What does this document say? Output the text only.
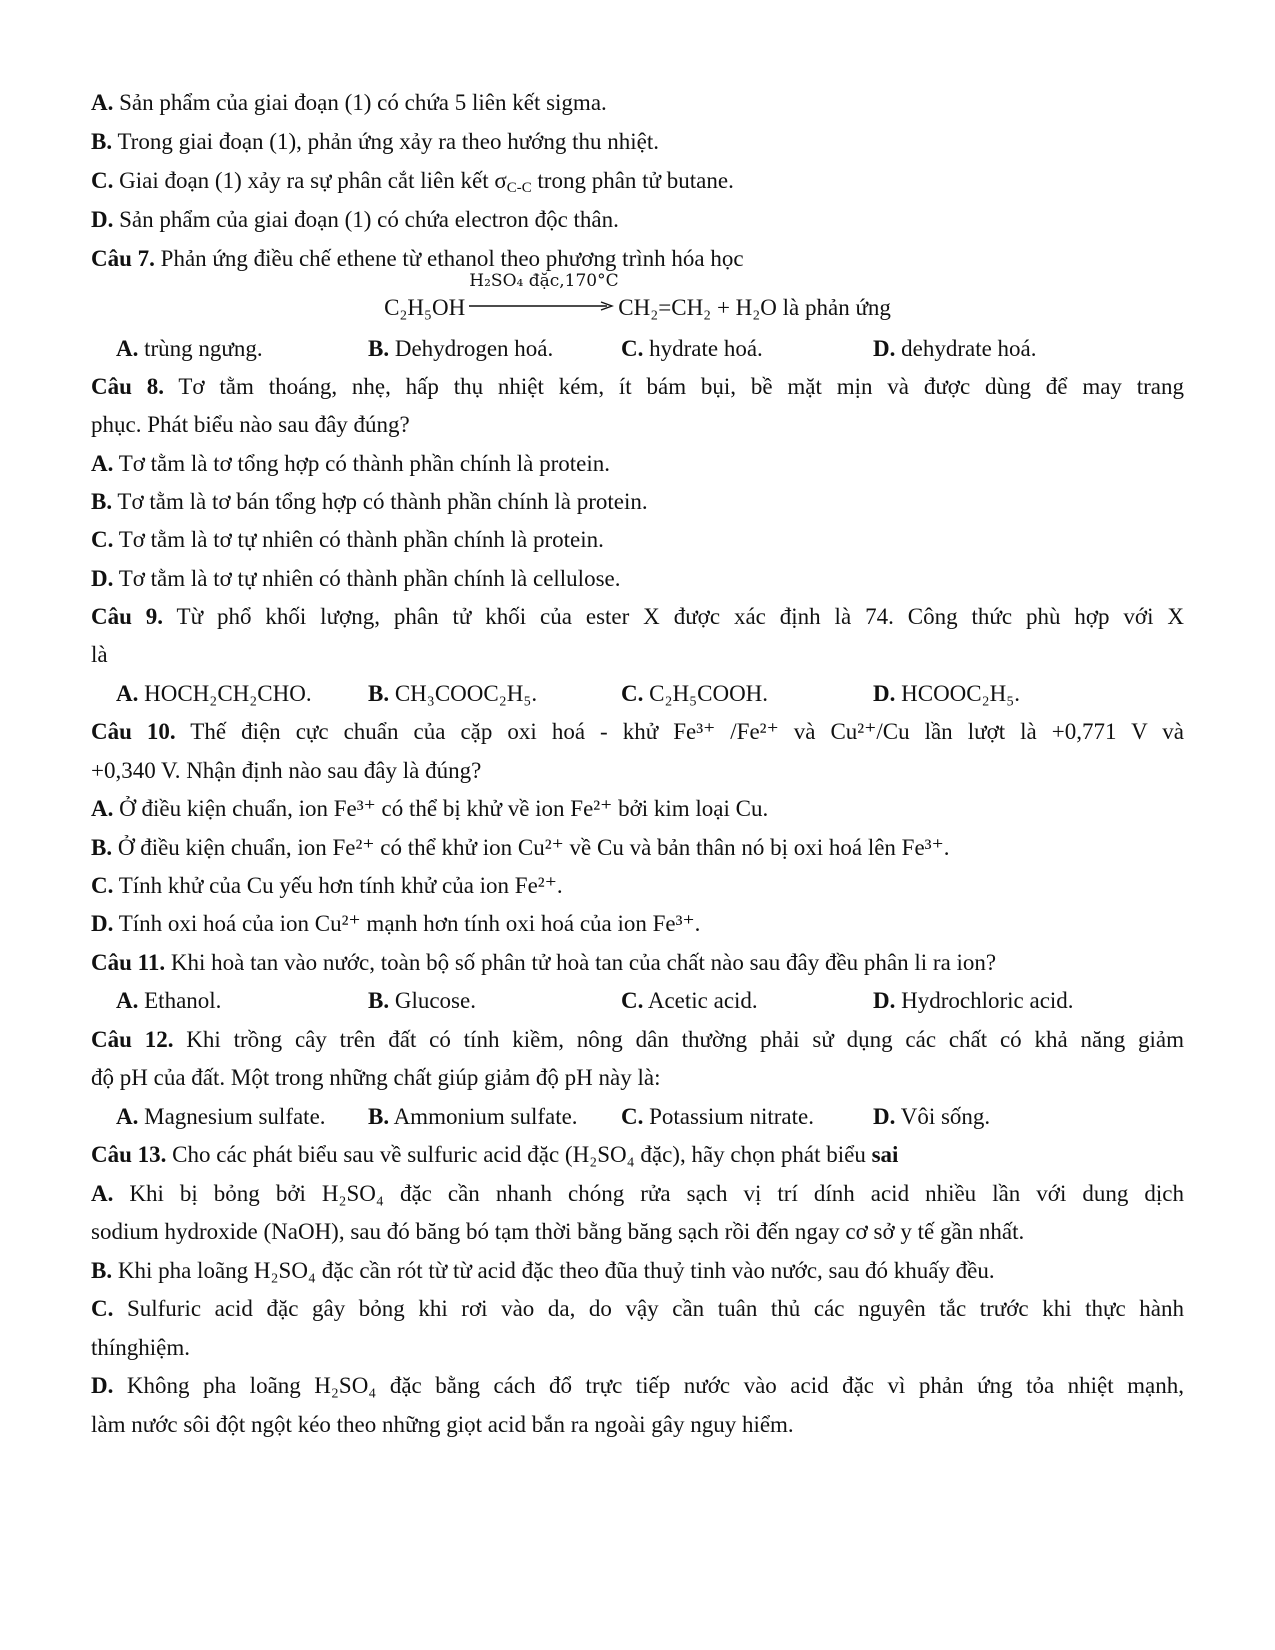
A. Sản phẩm của giai đoạn (1) có chứa 5 liên kết sigma.
B. Trong giai đoạn (1), phản ứng xảy ra theo hướng thu nhiệt.
C. Giai đoạn (1) xảy ra sự phân cắt liên kết $\sigma_{C-C}$ trong phân tử butane.
D. Sản phẩm của giai đoạn (1) có chứa electron độc thân.
Câu 7. Phản ứng điều chế ethene từ ethanol theo phương trình hóa học
C₂H₅OH
H₂SO₄ đặc,170°C
CH₂=CH₂ + H₂O là phản ứng
A. trùng ngưng.	B. Dehydrogen hoá.	C. hydrate hoá.	D. dehydrate hoá.
Câu 8. Tơ tằm thoáng, nhẹ, hấp thụ nhiệt kém, ít bám bụi, bề mặt mịn và được dùng để may trang
phục. Phát biểu nào sau đây đúng?
A. Tơ tằm là tơ tổng hợp có thành phần chính là protein.
B. Tơ tằm là tơ bán tổng hợp có thành phần chính là protein.
C. Tơ tằm là tơ tự nhiên có thành phần chính là protein.
D. Tơ tằm là tơ tự nhiên có thành phần chính là cellulose.
Câu 9. Từ phổ khối lượng, phân tử khối của ester X được xác định là 74. Công thức phù hợp với X
là
A. HOCH₂CH₂CHO. B. CH₃COOC₂H₅.	C. C₂H₅COOH.	D. HCOOC₂H₅.
Câu 10. Thế điện cực chuẩn của cặp oxi hoá - khử Fe³⁺ /Fe²⁺ và Cu²⁺/Cu lần lượt là +0,771 V và
+0,340 V. Nhận định nào sau đây là đúng?
A. Ở điều kiện chuẩn, ion Fe³⁺ có thể bị khử về ion Fe²⁺ bởi kim loại Cu.
B. Ở điều kiện chuẩn, ion Fe²⁺ có thể khử ion Cu²⁺ về Cu và bản thân nó bị oxi hoá lên Fe³⁺.
C. Tính khử của Cu yếu hơn tính khử của ion Fe²⁺.
D. Tính oxi hoá của ion Cu²⁺ mạnh hơn tính oxi hoá của ion Fe³⁺.
Câu 11. Khi hoà tan vào nước, toàn bộ số phân tử hoà tan của chất nào sau đây đều phân li ra ion?
A. Ethanol.	B. Glucose.	C. Acetic acid.	D. Hydrochloric acid.
Câu 12. Khi trồng cây trên đất có tính kiềm, nông dân thường phải sử dụng các chất có khả năng giảm
độ pH của đất. Một trong những chất giúp giảm độ pH này là:
A. Magnesium sulfate. B. Ammonium sulfate. C. Potassium nitrate.	D. Vôi sống.
Câu 13. Cho các phát biểu sau về sulfuric acid đặc (H₂SO₄ đặc), hãy chọn phát biểu sai
A. Khi bị bỏng bởi H₂SO₄ đặc cần nhanh chóng rửa sạch vị trí dính acid nhiều lần với dung dịch
sodium hydroxide (NaOH), sau đó băng bó tạm thời bằng băng sạch rồi đến ngay cơ sở y tế gần nhất.
B. Khi pha loãng H₂SO₄ đặc cần rót từ từ acid đặc theo đũa thuỷ tinh vào nước, sau đó khuấy đều.
C. Sulfuric acid đặc gây bỏng khi rơi vào da, do vậy cần tuân thủ các nguyên tắc trước khi thực hành
thínghiệm.
D. Không pha loãng H₂SO₄ đặc bằng cách đổ trực tiếp nước vào acid đặc vì phản ứng tỏa nhiệt mạnh,
làm nước sôi đột ngột kéo theo những giọt acid bắn ra ngoài gây nguy hiểm.
